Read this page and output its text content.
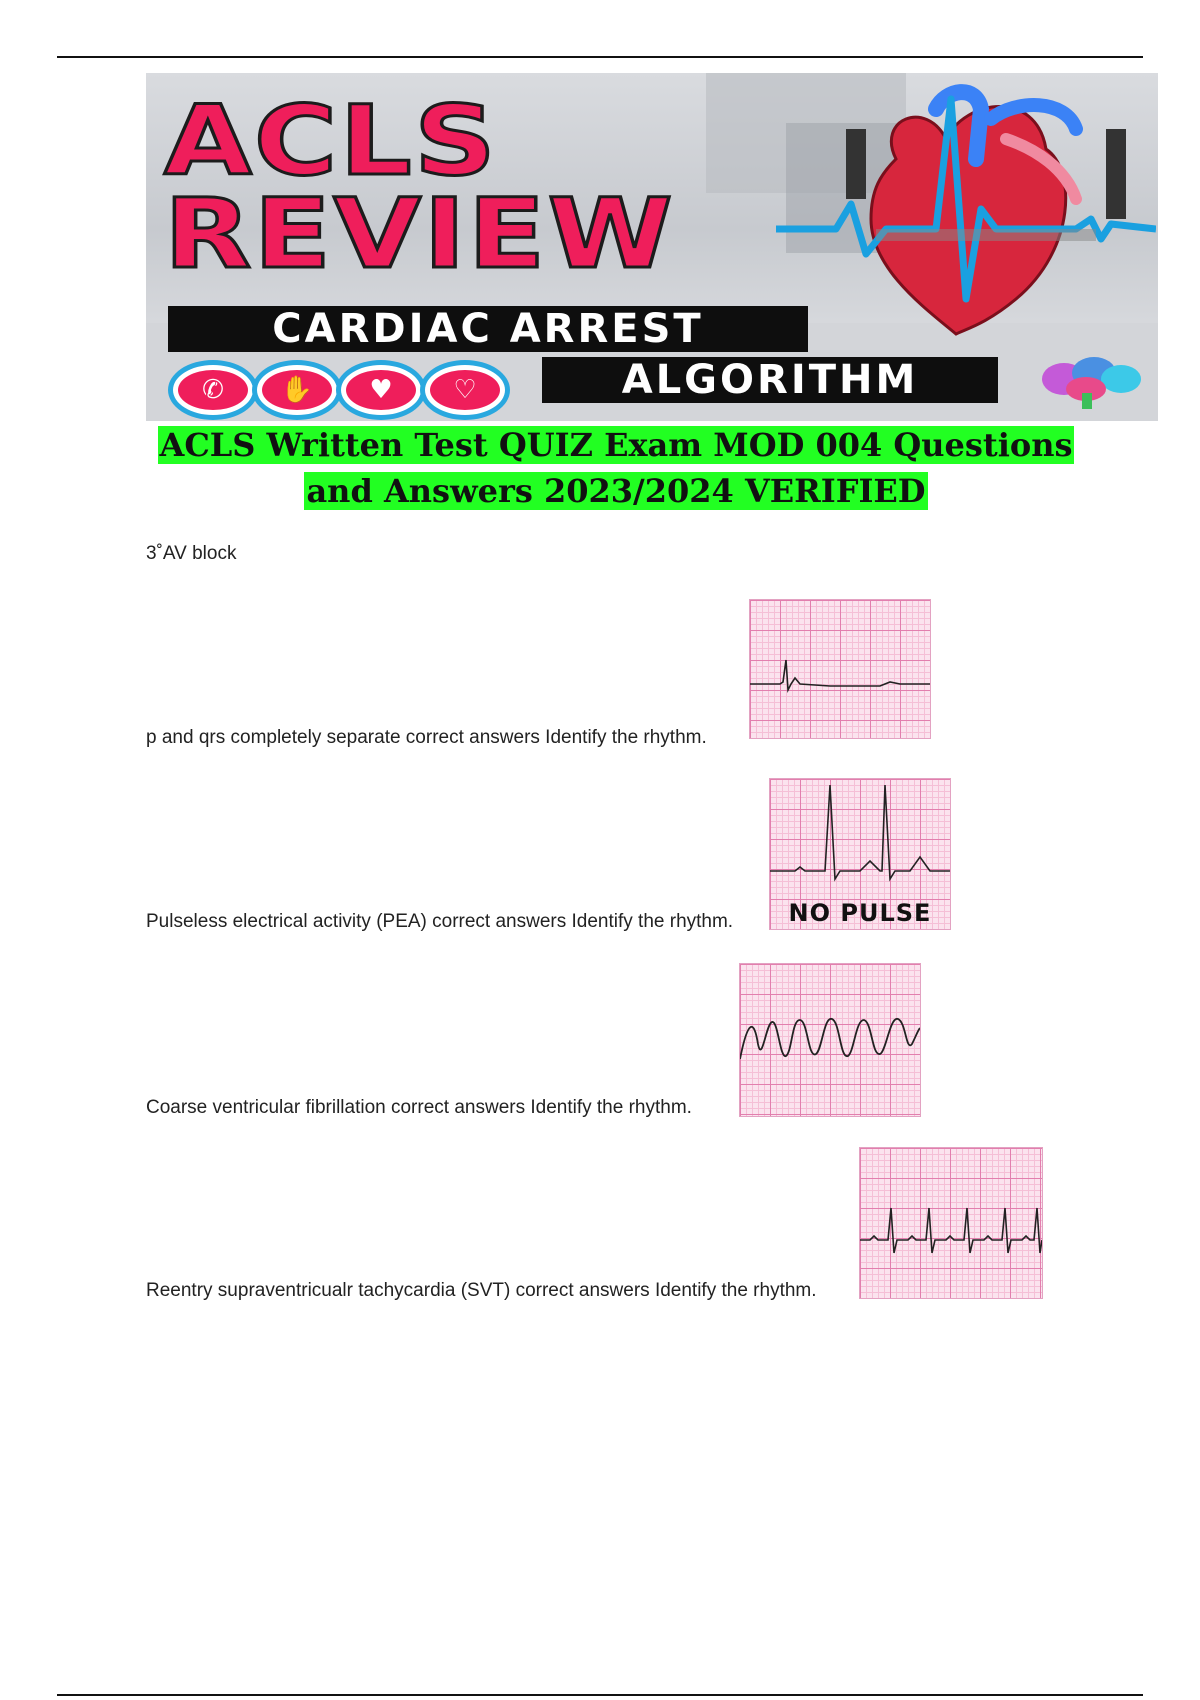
ACLS
REVIEW
CARDIAC ARREST
ALGORITHM
✆	✋	♥	♡
ACLS Written Test QUIZ Exam MOD 004 Questions
and Answers 2023/2024 VERIFIED
3˚AV block
p and qrs completely separate correct answers Identify the rhythm.
Pulseless electrical activity (PEA) correct answers Identify the rhythm.	NO PULSE
Coarse ventricular fibrillation correct answers Identify the rhythm.
Reentry supraventricualr tachycardia (SVT) correct answers Identify the rhythm.
